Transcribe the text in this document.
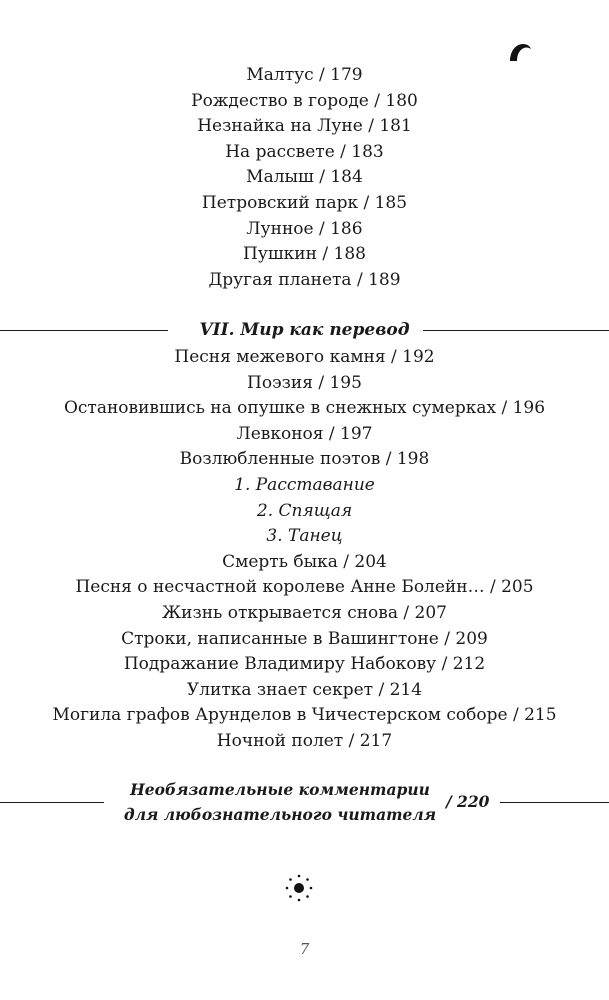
Малтус / 179
Рождество в городе / 180
Незнайка на Луне / 181
На рассвете / 183
Малыш / 184
Петровский парк / 185
Лунное / 186
Пушкин / 188
Другая планета / 189
VII. Мир как перевод
Песня межевого камня / 192
Поэзия / 195
Остановившись на опушке в снежных сумерках / 196
Левконоя / 197
Возлюбленные поэтов / 198
1. Расставание
2. Спящая
3. Танец
Смерть быка / 204
Песня о несчастной королеве Анне Болейн… / 205
Жизнь открывается снова / 207
Строки, написанные в Вашингтоне / 209
Подражание Владимиру Набокову / 212
Улитка знает секрет / 214
Могила графов Арунделов в Чичестерском соборе / 215
Ночной полет / 217
Необязательные комментарии
для любознательного читателя
/ 220
7
